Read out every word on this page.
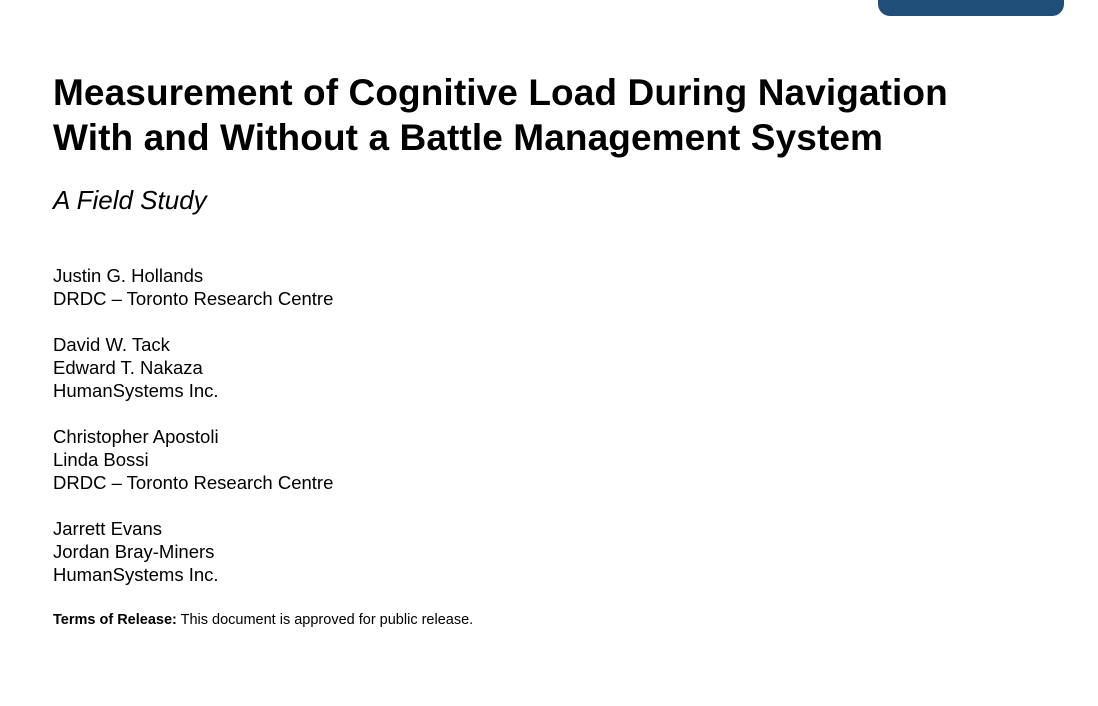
Measurement of Cognitive Load During Navigation
With and Without a Battle Management System
A Field Study
Justin G. Hollands
DRDC – Toronto Research Centre
David W. Tack
Edward T. Nakaza
HumanSystems Inc.
Christopher Apostoli
Linda Bossi
DRDC – Toronto Research Centre
Jarrett Evans
Jordan Bray-Miners
HumanSystems Inc.
Terms of Release: This document is approved for public release.
